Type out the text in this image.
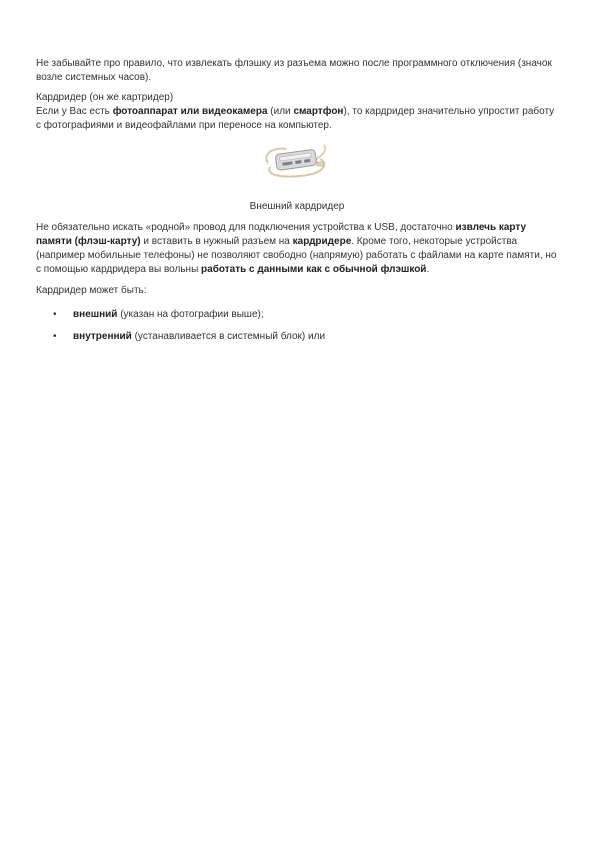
Не забывайте про правило, что извлекать флэшку из разъема можно после программного отключения (значок возле системных часов).

Кардридер (он же картридер)
Если у Вас есть фотоаппарат или видеокамера (или смартфон), то кардридер значительно упростит работу с фотографиями и видеофайлами при переносе на компьютер.

Внешний кардридер

Не обязательно искать «родной» провод для подключения устройства к USB, достаточно извлечь карту памяти (флэш-карту) и вставить в нужный разъем на кардридере. Кроме того, некоторые устройства (например мобильные телефоны) не позволяют свободно (напрямую) работать с файлами на карте памяти, но с помощью кардридера вы вольны работать с данными как с обычной флэшкой.

Кардридер может быть:

• внешний (указан на фотографии выше);
• внутренний (устанавливается в системный блок) или
